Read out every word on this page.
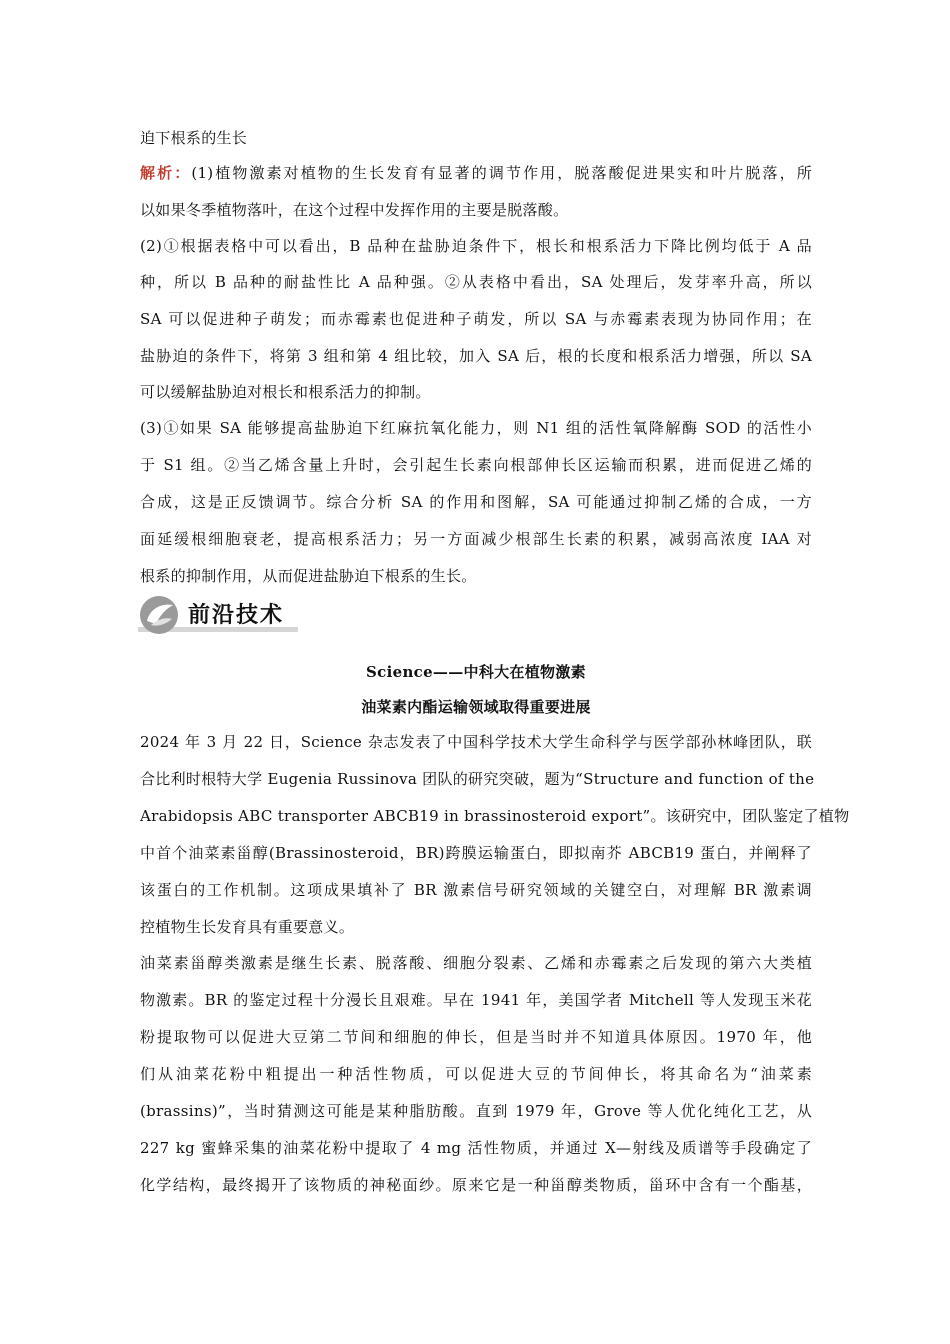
迫下根系的生长
解析：(1)植物激素对植物的生长发育有显著的调节作用，脱落酸促进果实和叶片脱落，所
以如果冬季植物落叶，在这个过程中发挥作用的主要是脱落酸。
(2)①根据表格中可以看出，B 品种在盐胁迫条件下，根长和根系活力下降比例均低于 A 品
种，所以 B 品种的耐盐性比 A 品种强。②从表格中看出，SA 处理后，发芽率升高，所以
SA 可以促进种子萌发；而赤霉素也促进种子萌发，所以 SA 与赤霉素表现为协同作用；在
盐胁迫的条件下，将第 3 组和第 4 组比较，加入 SA 后，根的长度和根系活力增强，所以 SA
可以缓解盐胁迫对根长和根系活力的抑制。
(3)①如果 SA 能够提高盐胁迫下红麻抗氧化能力，则 N1 组的活性氧降解酶 SOD 的活性小
于 S1 组。②当乙烯含量上升时，会引起生长素向根部伸长区运输而积累，进而促进乙烯的
合成，这是正反馈调节。综合分析 SA 的作用和图解，SA 可能通过抑制乙烯的合成，一方
面延缓根细胞衰老，提高根系活力；另一方面减少根部生长素的积累，减弱高浓度 IAA 对
根系的抑制作用，从而促进盐胁迫下根系的生长。
前沿技术
Science——中科大在植物激素
油菜素内酯运输领域取得重要进展
2024 年 3 月 22 日，Science 杂志发表了中国科学技术大学生命科学与医学部孙林峰团队，联
合比利时根特大学 Eugenia Russinova 团队的研究突破，题为“Structure and function of the
Arabidopsis ABC transporter ABCB19 in brassinosteroid export”。该研究中，团队鉴定了植物
中首个油菜素甾醇(Brassinosteroid，BR)跨膜运输蛋白，即拟南芥 ABCB19 蛋白，并阐释了
该蛋白的工作机制。这项成果填补了 BR 激素信号研究领域的关键空白，对理解 BR 激素调
控植物生长发育具有重要意义。
油菜素甾醇类激素是继生长素、脱落酸、细胞分裂素、乙烯和赤霉素之后发现的第六大类植
物激素。BR 的鉴定过程十分漫长且艰难。早在 1941 年，美国学者 Mitchell 等人发现玉米花
粉提取物可以促进大豆第二节间和细胞的伸长，但是当时并不知道具体原因。1970 年，他
们从油菜花粉中粗提出一种活性物质，可以促进大豆的节间伸长，将其命名为“油菜素
(brassins)”，当时猜测这可能是某种脂肪酸。直到 1979 年，Grove 等人优化纯化工艺，从
227 kg 蜜蜂采集的油菜花粉中提取了 4 mg 活性物质，并通过 X—射线及质谱等手段确定了
化学结构，最终揭开了该物质的神秘面纱。原来它是一种甾醇类物质，甾环中含有一个酯基，
